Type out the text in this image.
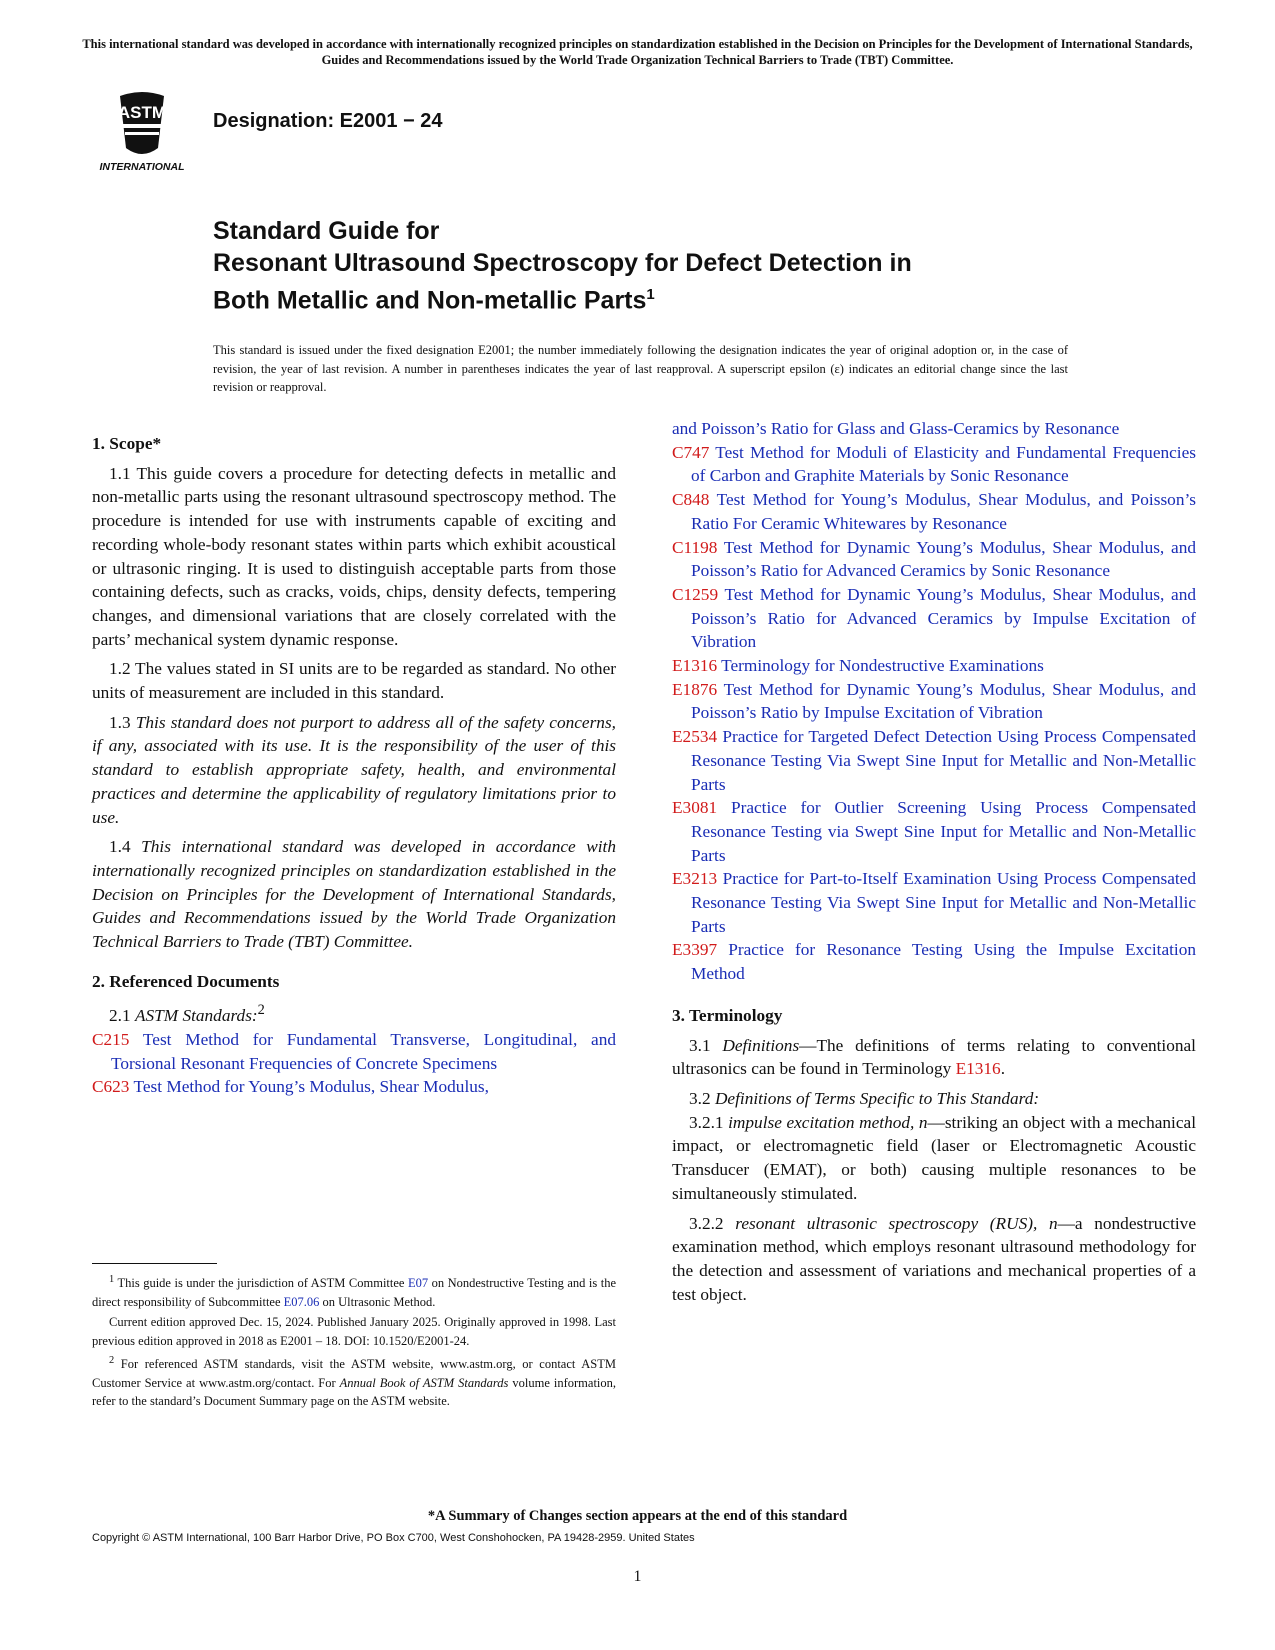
This international standard was developed in accordance with internationally recognized principles on standardization established in the Decision on Principles for the Development of International Standards, Guides and Recommendations issued by the World Trade Organization Technical Barriers to Trade (TBT) Committee.
ASTM
INTERNATIONAL
Designation: E2001 − 24
Standard Guide for
Resonant Ultrasound Spectroscopy for Defect Detection in
Both Metallic and Non-metallic Parts$^1$
This standard is issued under the fixed designation E2001; the number immediately following the designation indicates the year of original adoption or, in the case of revision, the year of last revision. A number in parentheses indicates the year of last reapproval. A superscript epsilon (ε) indicates an editorial change since the last revision or reapproval.
1. Scope*

1.1 This guide covers a procedure for detecting defects in metallic and non-metallic parts using the resonant ultrasound spectroscopy method. The procedure is intended for use with instruments capable of exciting and recording whole-body resonant states within parts which exhibit acoustical or ultrasonic ringing. It is used to distinguish acceptable parts from those containing defects, such as cracks, voids, chips, density defects, tempering changes, and dimensional variations that are closely correlated with the parts’ mechanical system dynamic response.

1.2 The values stated in SI units are to be regarded as standard. No other units of measurement are included in this standard.

1.3 This standard does not purport to address all of the safety concerns, if any, associated with its use. It is the responsibility of the user of this standard to establish appropriate safety, health, and environmental practices and determine the applicability of regulatory limitations prior to use.

1.4 This international standard was developed in accordance with internationally recognized principles on standardization established in the Decision on Principles for the Development of International Standards, Guides and Recommendations issued by the World Trade Organization Technical Barriers to Trade (TBT) Committee.

2. Referenced Documents

2.1 ASTM Standards:$^2$

C215 Test Method for Fundamental Transverse, Longitudinal, and Torsional Resonant Frequencies of Concrete Specimens
C623 Test Method for Young’s Modulus, Shear Modulus,
and Poisson’s Ratio for Glass and Glass-Ceramics by Resonance
C747 Test Method for Moduli of Elasticity and Fundamental Frequencies of Carbon and Graphite Materials by Sonic Resonance
C848 Test Method for Young’s Modulus, Shear Modulus, and Poisson’s Ratio For Ceramic Whitewares by Resonance
C1198 Test Method for Dynamic Young’s Modulus, Shear Modulus, and Poisson’s Ratio for Advanced Ceramics by Sonic Resonance
C1259 Test Method for Dynamic Young’s Modulus, Shear Modulus, and Poisson’s Ratio for Advanced Ceramics by Impulse Excitation of Vibration
E1316 Terminology for Nondestructive Examinations
E1876 Test Method for Dynamic Young’s Modulus, Shear Modulus, and Poisson’s Ratio by Impulse Excitation of Vibration
E2534 Practice for Targeted Defect Detection Using Process Compensated Resonance Testing Via Swept Sine Input for Metallic and Non-Metallic Parts
E3081 Practice for Outlier Screening Using Process Compensated Resonance Testing via Swept Sine Input for Metallic and Non-Metallic Parts
E3213 Practice for Part-to-Itself Examination Using Process Compensated Resonance Testing Via Swept Sine Input for Metallic and Non-Metallic Parts
E3397 Practice for Resonance Testing Using the Impulse Excitation Method
3. Terminology

3.1 Definitions—The definitions of terms relating to conventional ultrasonics can be found in Terminology E1316.

3.2 Definitions of Terms Specific to This Standard:

3.2.1 impulse excitation method, n—striking an object with a mechanical impact, or electromagnetic field (laser or Electromagnetic Acoustic Transducer (EMAT), or both) causing multiple resonances to be simultaneously stimulated.

3.2.2 resonant ultrasonic spectroscopy (RUS), n—a nondestructive examination method, which employs resonant ultrasound methodology for the detection and assessment of variations and mechanical properties of a test object.

$^1$ This guide is under the jurisdiction of ASTM Committee E07 on Nondestructive Testing and is the direct responsibility of Subcommittee E07.06 on Ultrasonic Method.

Current edition approved Dec. 15, 2024. Published January 2025. Originally approved in 1998. Last previous edition approved in 2018 as E2001 – 18. DOI: 10.1520/E2001-24.

$^2$ For referenced ASTM standards, visit the ASTM website, www.astm.org, or contact ASTM Customer Service at www.astm.org/contact. For Annual Book of ASTM Standards volume information, refer to the standard’s Document Summary page on the ASTM website.

*A Summary of Changes section appears at the end of this standard
Copyright © ASTM International, 100 Barr Harbor Drive, PO Box C700, West Conshohocken, PA 19428-2959. United States
1
